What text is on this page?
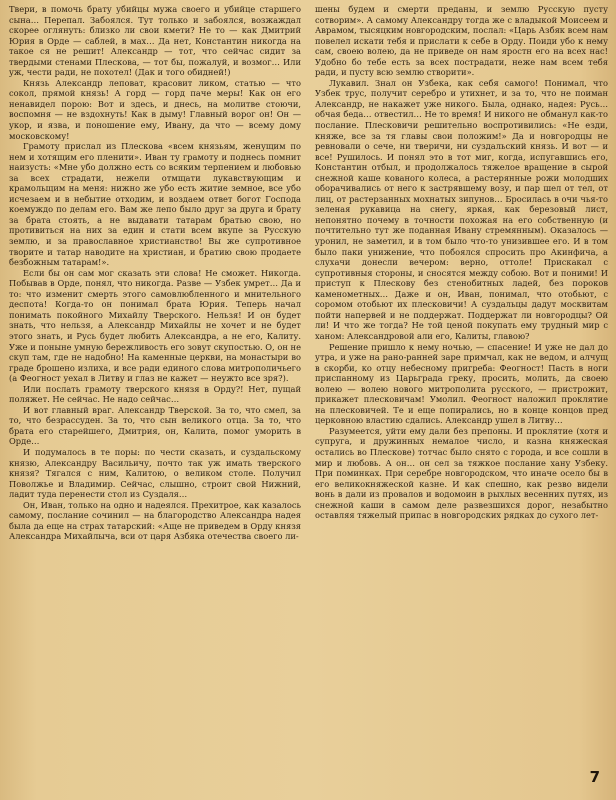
Твери, в помочь брату убийцы мужа своего и убийце старшего сына… Перепал. Забоялся. Тут только и забоялся, возжаждал скорее оглянуть: близко ли свои кмети? Не то — как Дмитрий Юрия в Орде — саблей, в мах… Да нет, Константин никогда на такое ся не решит! Александр — тот, что сейчас сидит за твердыми стенами Плескова, — тот бы, пожалуй, и возмог… Или уж, чести ради, не похотел! (Дак и того обидней!)

Князь Александр леповат, красовит ликом, статью — что сокол, прямой князь! А горд — горд паче меры! Как он его ненавидел порою: Вот и здесь, и днесь, на молитве стоючи, воспомня — не вздохнуть! Как в дыму! Главный ворог он! Он — укор, и язва, и поношение ему, Ивану, да что — всему дому московскому!

Грамоту прислал из Плескова «всем князьям, женущим по нем и хотящим его пленити». Иван ту грамоту и поднесь помнит наизусть: «Мне убо должно есть со всяким терпением и любовью за всех страдати, нежели отмщати лукавствующим и крамольщим на меня: нижно же убо есть житие земное, все убо исчезаем и в небытие отходим, и воздаем ответ богот Господа коемуждо по делам его. Вам же лепо было друг за друга и брату за брата стоять, а не выдавати татарам братью свою, но противиться на них за един и стати всем вкупе за Русскую землю, и за православное христианство! Вы же супротивное творите и татар наводите на христиан, и братию свою продаете безбожным татарам!».

Если бы он сам мог сказать эти слова! Не сможет. Никогда. Побывав в Орде, понял, что никогда. Разве — Узбек умрет… Да и то: что изменит смерть этого самовлюбленного и мнительного деспота! Когда-то он понимал брата Юрия. Теперь начал понимать покойного Михайлу Тверского. Нельзя! И он будет знать, что нельзя, а Александр Михайлы не хочет и не будет этого знать, и Русь будет любить Александра, а не его, Калиту. Уже и поныне умную бережливость его зовут скупостью. О, он не скуп там, где не надобно! На каменные церкви, на монастыри во граде брошено излиха, и все ради единого слова митрополичьего (а Феогност уехал в Литву и глаз не кажет — неужто все зря?).

Или послать грамоту тверского князя в Орду?! Нет, пущай поляжет. Не сейчас. Не надо сейчас…

И вот главный враг. Александр Тверской. За то, что смел, за то, что безрассуден. За то, что сын великого отца. За то, что брата его старейшего, Дмитрия, он, Калита, помог уморить в Орде…

И подумалось в те поры: по чести сказать, и суздальскому князю, Александру Васильичу, почто так уж имать тверского князя? Тягался с ним, Калитою, о великом столе. Получил Поволжье и Владимир. Сейчас, слышно, строит свой Нижний, ладит туда перенести стол из Суздаля…

Он, Иван, только на одно и надеялся. Прехитрое, как казалось самому, послание сочинил — на благородство Александра надея была да еще на страх татарский: «Аще не приведем в Орду князя Александра Михайлыча, вси от царя Азбяка отечества своего ли-

шены будем и смерти преданы, и землю Русскую пусту сотворим». А самому Александру тогда же с владыкой Моисеем и Аврамом, тысяцким новгородским, послал: «Царь Азбяк всем нам повелел искати тебя и прислати к себе в Орду. Поиди убо к нему сам, своею волею, да не приведе он нам яростн его на всех нас! Удобно бо тебе есть за всех пострадати, неже нам всем тебя ради, и пусту всю землю створити».

Лукавил. Знал он Узбека, как себя самого! Понимал, что Узбек трус, получит серебро и утихнет, и за то, что не поиман Александр, не накажет уже никого. Была, однако, надея: Русь… обчая беда… отвестил… Не то время! И никого не обманул как-то послание. Плесковичи решительно воспротивились: «Не езди, княже, все за тя главы свои положим!» Да и новгородцы не ревновали о сече, ни тверичи, ни суздальский князь. И вот — и все! Рушилось. И понял это в тот миг, когда, испугавшись его, Константин отбыл, и продолжалось тяжелое вращение в сырой снежной каше кованого колеса, а растерянные рожи молодших оборачивались от него к застрявшему возу, и пар шел от тел, от лиц, от растерзанных мохнатых зипунов… Бросилась в очи чья-то зеленая рукавица на снегу, яркая, как березовый лист, непонятно почему в точности похожая на его собственную (и почтительно тут же поданная Ивану стремянным). Оказалось — уронил, не заметил, и в том было что-то унизившее его. И в том было паки унижение, что побоялся спросить про Акинфича, а слухачи донесли вечером: верно, оттоле! Прискакал с супротивныя стороны, и сносятся между собою. Вот и поними! И приступ к Плескову без стенобитных ладей, без пороков каменометных… Даже и он, Иван, понимал, что отобьют, с соромом отобьют их плесковичи! А суздальцы дадут москвитам пойти напервей и не поддержат. Поддержат ли новгородцы? Ой ли! И что же тогда? Не той ценой покупать ему трудный мир с ханом: Александровой али его, Калиты, главою?

Решение пришло к нему ночью, — спасение! И уже не дал до утра, и уже на рано-ранней заре примчал, как не ведом, и алчущ в скорби, ко отцу небесному пригреба: Феогност! Пасть в ноги приспанному из Царьграда греку, просить, молить, да своею волею — волею нового митрополита русского, — пристрожит, прикажет плесковичам! Умолил. Феогност наложил проклятие на плесковичей. Те и еще попирались, но в конце концов пред церковною властию сдались. Александр ушел в Литву…

Разумеется, уйти ему дали без препоны. И проклятие (хотя и супруга, и дружинных немалое число, и казна княжеская остались во Плескове) тотчас было снято с города, и все сошли в мир и любовь. А он… он сел за тяжкое послание хану Узбеку. При поминках. При серебре новгородском, что иначе осело бы в его великокняжеской казне. И как спешно, как резво видели вонь в дали из провалов и водомоин в рыхлых весенних путях, из снежной каши в самом деле развезшихся дорог, незабытно оставляя тяжелый припас в новгородских рядках до сухого лет-

7
